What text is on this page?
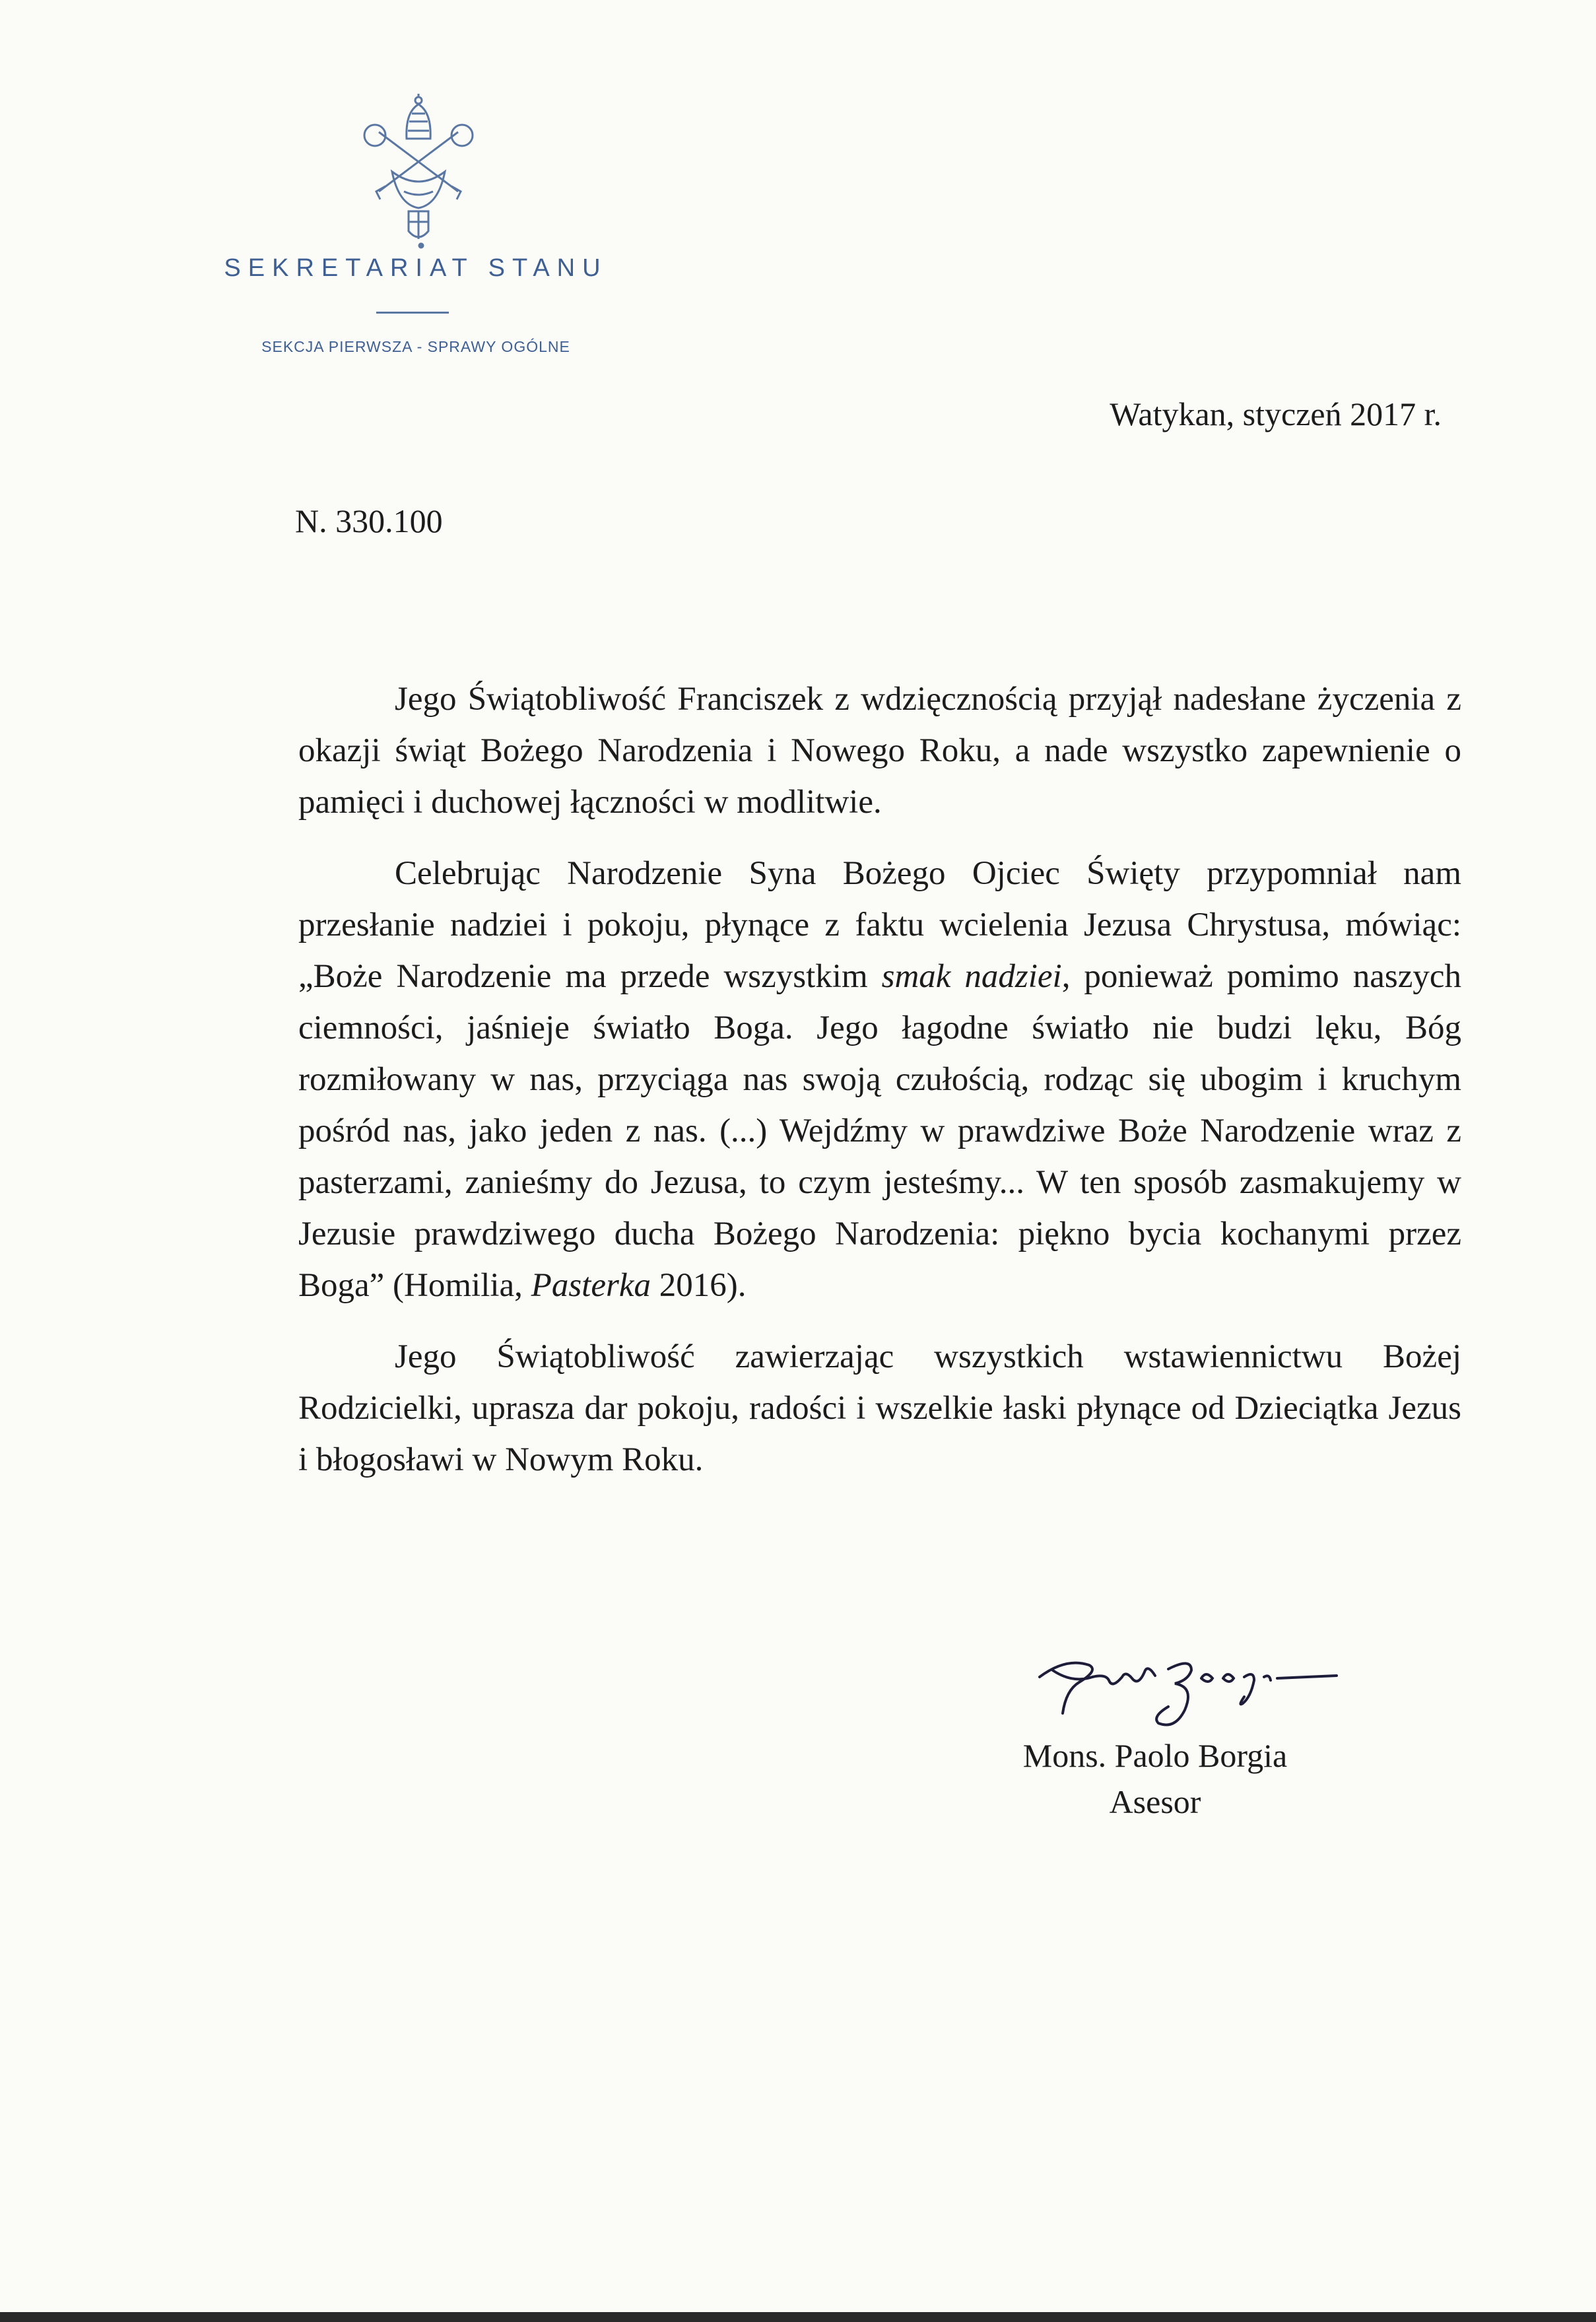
SEKRETARIAT STANU
SEKCJA PIERWSZA - SPRAWY OGÓLNE
Watykan, styczeń 2017 r.
N. 330.100

Jego Świątobliwość Franciszek z wdzięcznością przyjął nadesłane życzenia z okazji świąt Bożego Narodzenia i Nowego Roku, a nade wszystko zapewnienie o pamięci i duchowej łączności w modlitwie.

Celebrując Narodzenie Syna Bożego Ojciec Święty przypomniał nam przesłanie nadziei i pokoju, płynące z faktu wcielenia Jezusa Chrystusa, mówiąc: „Boże Narodzenie ma przede wszystkim smak nadziei, ponieważ pomimo naszych ciemności, jaśnieje światło Boga. Jego łagodne światło nie budzi lęku, Bóg rozmiłowany w nas, przyciąga nas swoją czułością, rodząc się ubogim i kruchym pośród nas, jako jeden z nas. (...) Wejdźmy w prawdziwe Boże Narodzenie wraz z pasterzami, zanieśmy do Jezusa, to czym jesteśmy... W ten sposób zasmakujemy w Jezusie prawdziwego ducha Bożego Narodzenia: piękno bycia kochanymi przez Boga” (Homilia, Pasterka 2016).

Jego Świątobliwość zawierzając wszystkich wstawiennictwu Bożej Rodzicielki, uprasza dar pokoju, radości i wszelkie łaski płynące od Dzieciątka Jezus i błogosławi w Nowym Roku.

Mons. Paolo Borgia
Asesor
